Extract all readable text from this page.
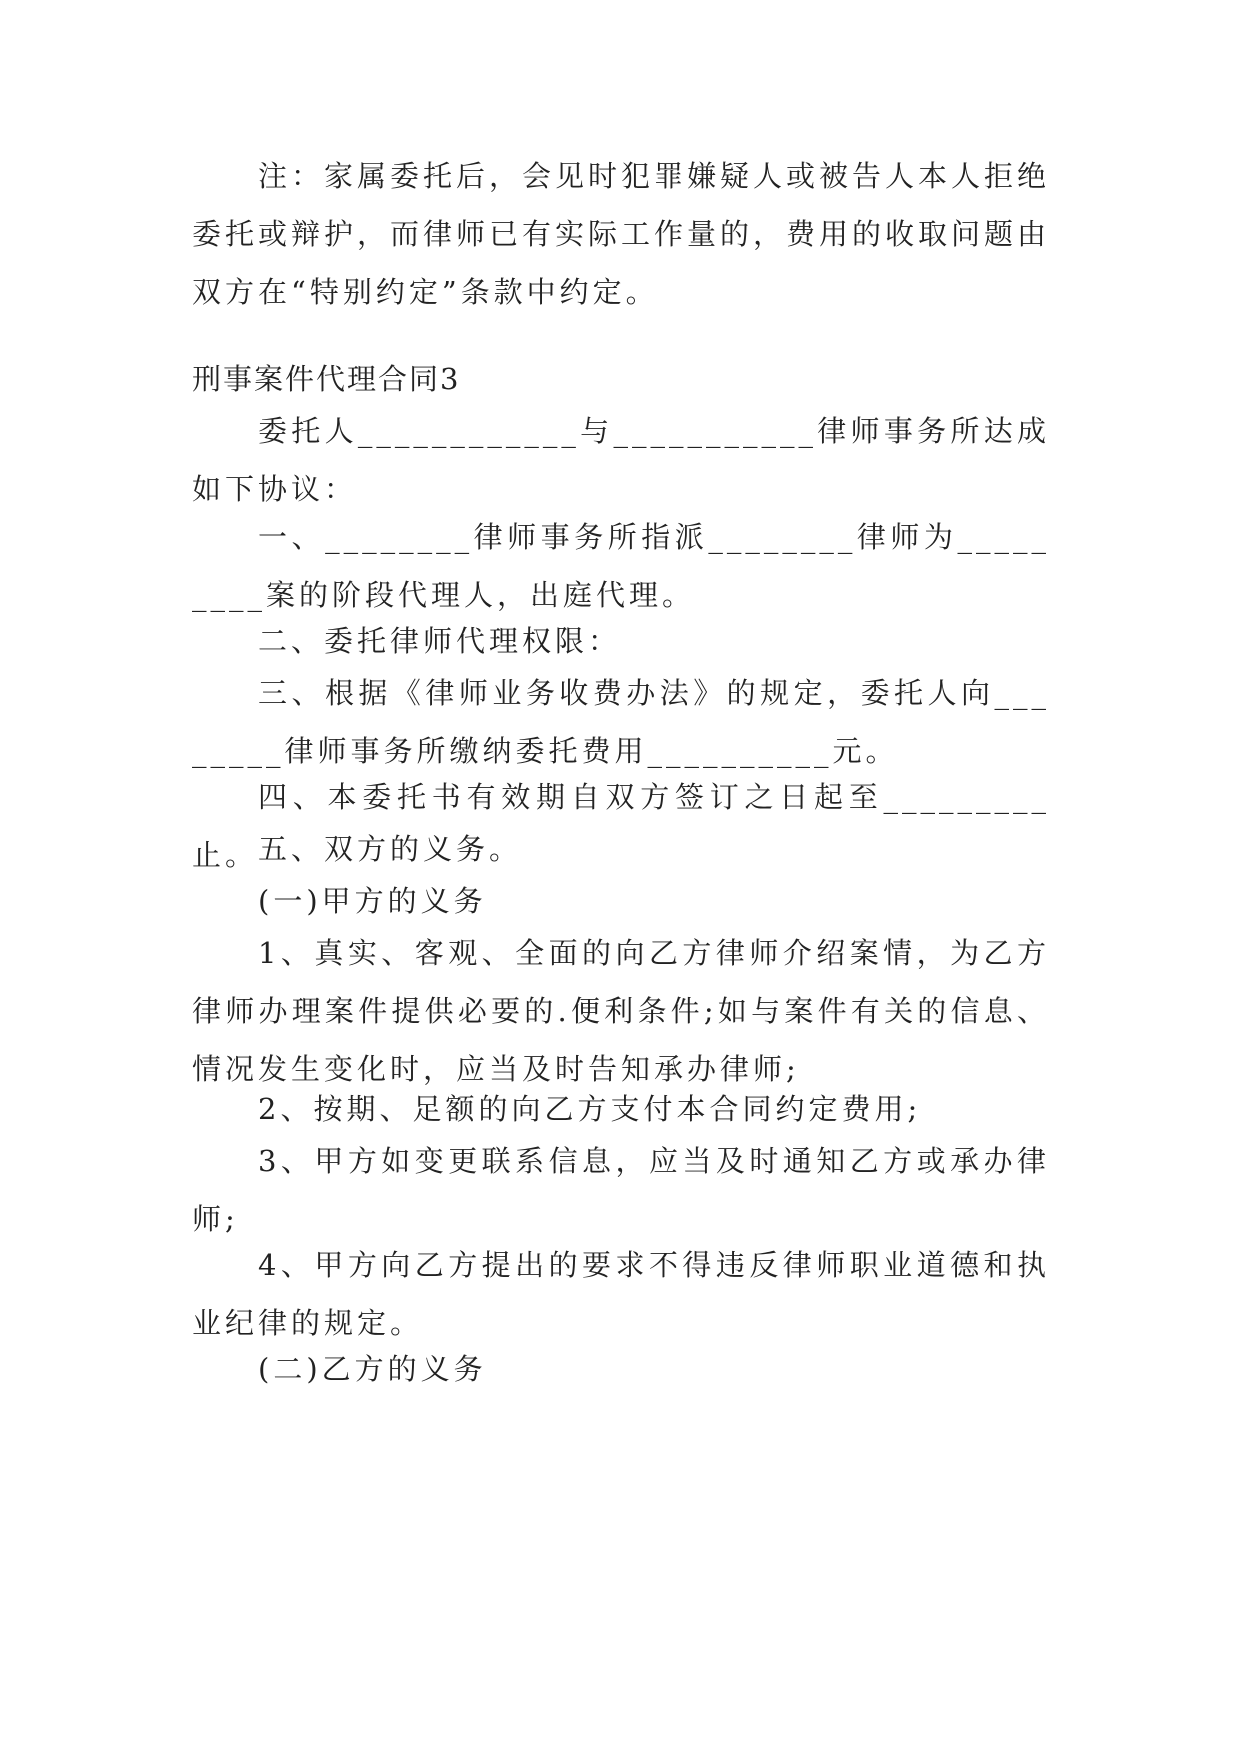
注：家属委托后，会见时犯罪嫌疑人或被告人本人拒绝委托或辩护，而律师已有实际工作量的，费用的收取问题由双方在“特别约定”条款中约定。

刑事案件代理合同3

委托人____________与___________律师事务所达成如下协议：

一、________律师事务所指派________律师为_________案的阶段代理人，出庭代理。

二、委托律师代理权限：

三、根据《律师业务收费办法》的规定，委托人向________律师事务所缴纳委托费用__________元。

四、本委托书有效期自双方签订之日起至_________止。 五、双方的义务。

(一)甲方的义务

1、真实、客观、全面的向乙方律师介绍案情，为乙方律师办理案件提供必要的.便利条件;如与案件有关的信息、情况发生变化时，应当及时告知承办律师;

2、按期、足额的向乙方支付本合同约定费用;

3、甲方如变更联系信息，应当及时通知乙方或承办律师;

4、甲方向乙方提出的要求不得违反律师职业道德和执业纪律的规定。

(二)乙方的义务
